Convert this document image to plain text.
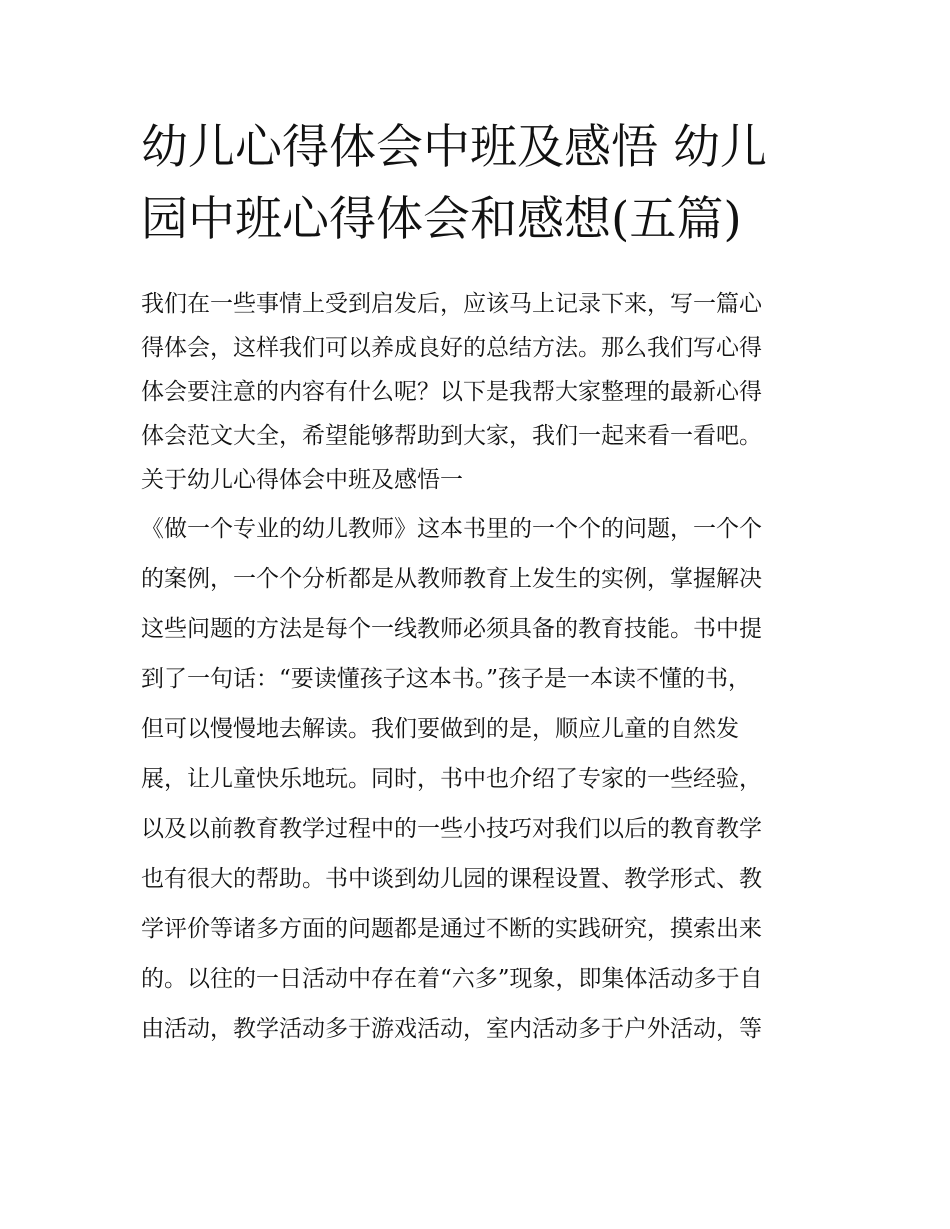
幼儿心得体会中班及感悟 幼儿
园中班心得体会和感想(五篇)
我们在一些事情上受到启发后，应该马上记录下来，写一篇心
得体会，这样我们可以养成良好的总结方法。那么我们写心得
体会要注意的内容有什么呢？以下是我帮大家整理的最新心得
体会范文大全，希望能够帮助到大家，我们一起来看一看吧。
关于幼儿心得体会中班及感悟一
《做一个专业的幼儿教师》这本书里的一个个的问题，一个个
的案例，一个个分析都是从教师教育上发生的实例，掌握解决
这些问题的方法是每个一线教师必须具备的教育技能。书中提
到了一句话：“要读懂孩子这本书。”孩子是一本读不懂的书，
但可以慢慢地去解读。我们要做到的是，顺应儿童的自然发
展，让儿童快乐地玩。同时，书中也介绍了专家的一些经验，
以及以前教育教学过程中的一些小技巧对我们以后的教育教学
也有很大的帮助。书中谈到幼儿园的课程设置、教学形式、教
学评价等诸多方面的问题都是通过不断的实践研究，摸索出来
的。以往的一日活动中存在着“六多”现象，即集体活动多于自
由活动，教学活动多于游戏活动，室内活动多于户外活动，等
